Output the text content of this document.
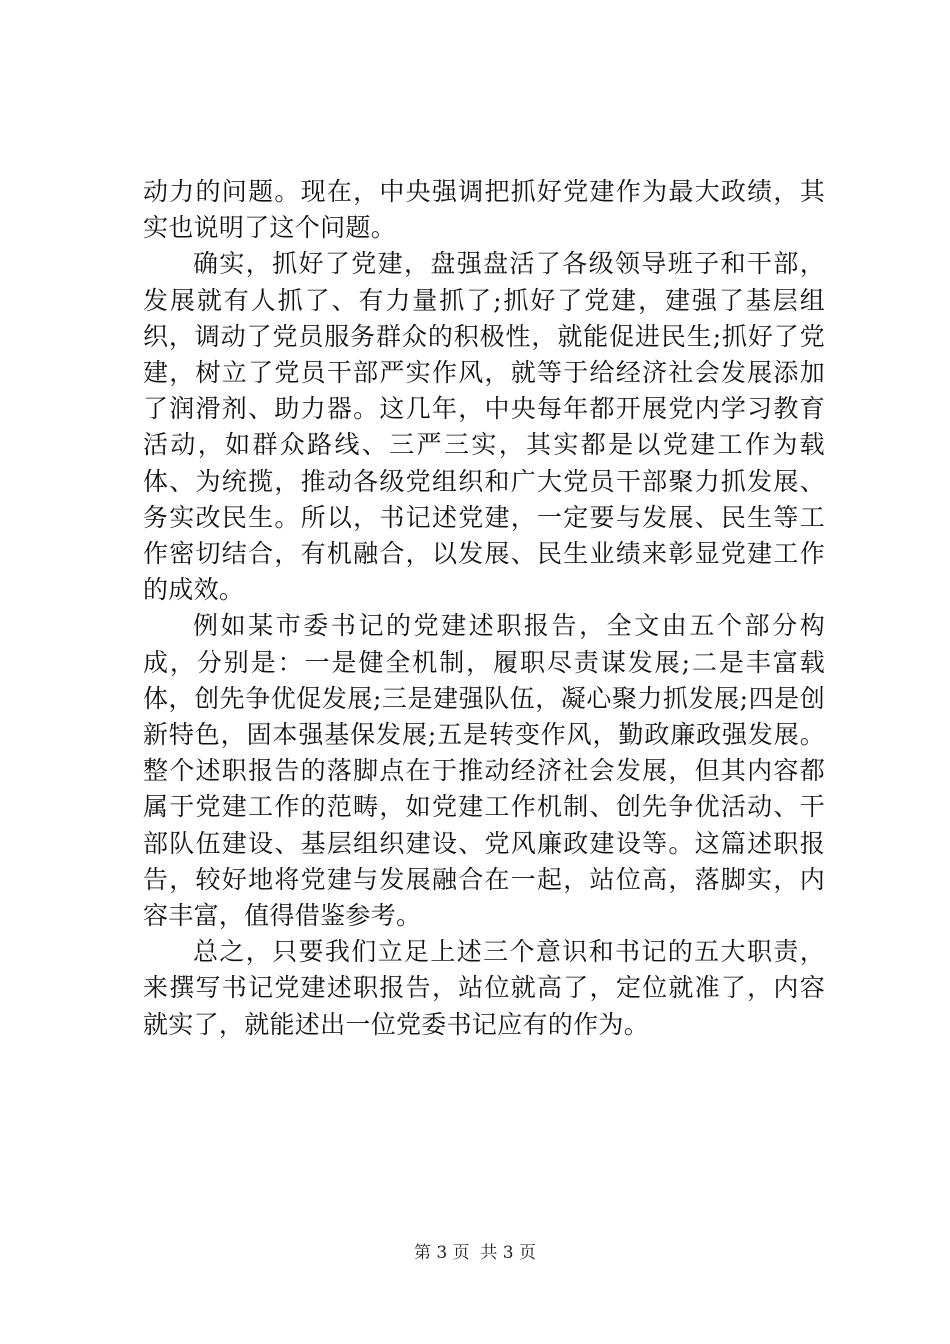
动力的问题。现在，中央强调把抓好党建作为最大政绩，其实也说明了这个问题。

确实，抓好了党建，盘强盘活了各级领导班子和干部，发展就有人抓了、有力量抓了;抓好了党建，建强了基层组织，调动了党员服务群众的积极性，就能促进民生;抓好了党建，树立了党员干部严实作风，就等于给经济社会发展添加了润滑剂、助力器。这几年，中央每年都开展党内学习教育活动，如群众路线、三严三实，其实都是以党建工作为载体、为统揽，推动各级党组织和广大党员干部聚力抓发展、务实改民生。所以，书记述党建，一定要与发展、民生等工作密切结合，有机融合，以发展、民生业绩来彰显党建工作的成效。

例如某市委书记的党建述职报告，全文由五个部分构成，分别是：一是健全机制，履职尽责谋发展;二是丰富载体，创先争优促发展;三是建强队伍，凝心聚力抓发展;四是创新特色，固本强基保发展;五是转变作风，勤政廉政强发展。整个述职报告的落脚点在于推动经济社会发展，但其内容都属于党建工作的范畴，如党建工作机制、创先争优活动、干部队伍建设、基层组织建设、党风廉政建设等。这篇述职报告，较好地将党建与发展融合在一起，站位高，落脚实，内容丰富，值得借鉴参考。

总之，只要我们立足上述三个意识和书记的五大职责，来撰写书记党建述职报告，站位就高了，定位就准了，内容就实了，就能述出一位党委书记应有的作为。

第 3 页  共 3 页
